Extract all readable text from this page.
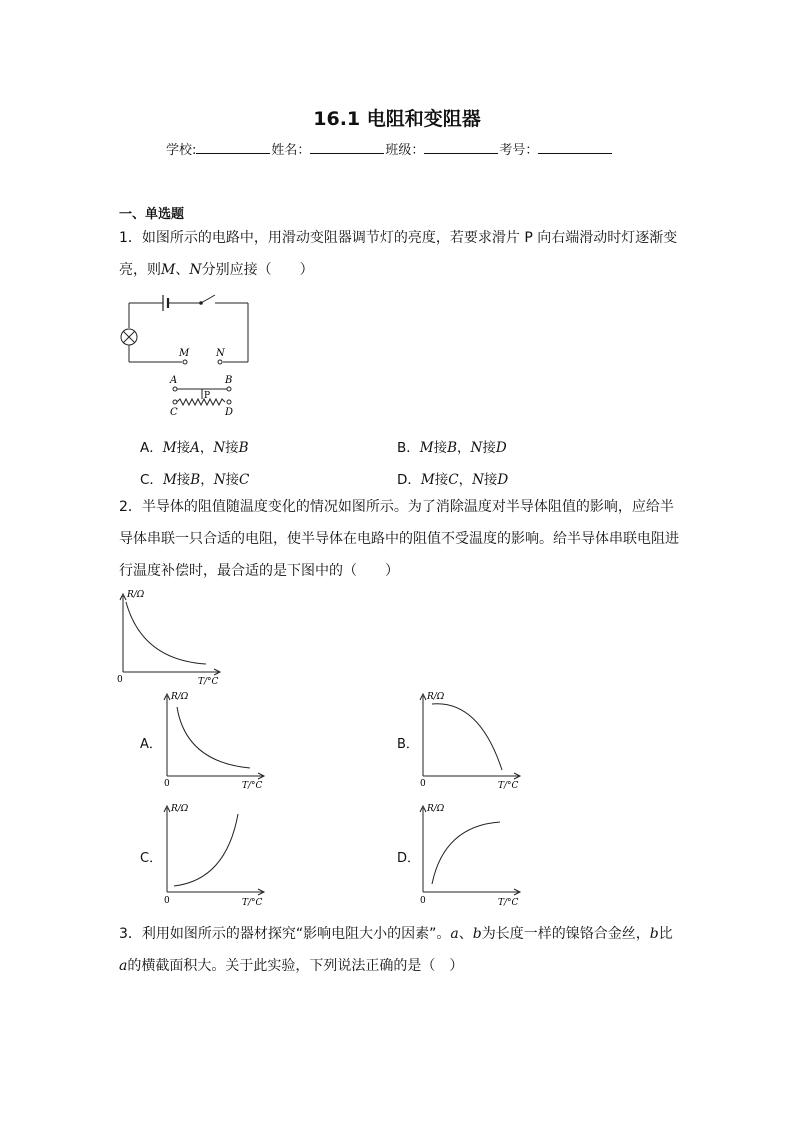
16.1 电阻和变阻器
学校:	姓名：	班级：	考号：
一、单选题
1．如图所示的电路中，用滑动变阻器调节灯的亮度，若要求滑片 P 向右端滑动时灯逐渐变
亮，则M、N分别应接（　　）
M	N
A	B
P
C	D
A．M接A，N接B	B．M接B，N接D
C．M接B，N接C	D．M接C，N接D
2．半导体的阻值随温度变化的情况如图所示。为了消除温度对半导体阻值的影响，应给半
导体串联一只合适的电阻，使半导体在电路中的阻值不受温度的影响。给半导体串联电阻进
行温度补偿时，最合适的是下图中的（　　）
R/Ω
T/°C
0
A．
R/Ω
T/°C
0
B．
R/Ω
T/°C
0
C．
R/Ω
T/°C
0
D．
R/Ω
T/°C
0
3．利用如图所示的器材探究“影响电阻大小的因素”。a、b为长度一样的镍铬合金丝，b比
a的横截面积大。关于此实验，下列说法正确的是（　）
